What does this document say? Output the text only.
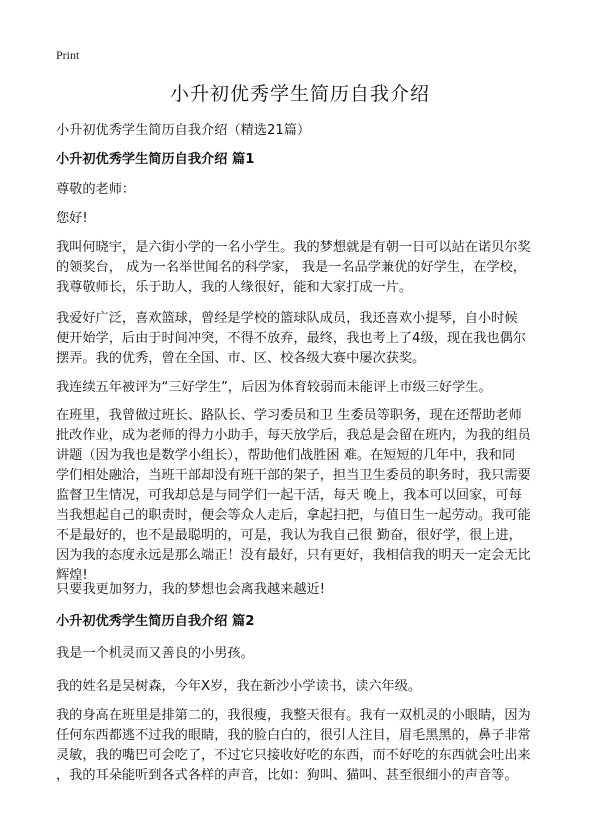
Print
小升初优秀学生简历自我介绍
小升初优秀学生简历自我介绍（精选21篇）
小升初优秀学生简历自我介绍 篇1
尊敬的老师：
您好!
我叫何晓宇，是六街小学的一名小学生。我的梦想就是有朝一日可以站在诺贝尔奖
的领奖台， 成为一名举世闻名的科学家， 我是一名品学兼优的好学生，在学校，
我尊敬师长，乐于助人，我的人缘很好，能和大家打成一片。
我爱好广泛，喜欢篮球，曾经是学校的篮球队成员，我还喜欢小提琴，自小时候
便开始学，后由于时间冲突，不得不放弃，最终，我也考上了4级，现在我也偶尔
摆弄。我的优秀，曾在全国、市、区、校各级大赛中屡次获奖。
我连续五年被评为“三好学生”，后因为体育较弱而未能评上市级三好学生。
在班里，我曾做过班长、路队长、学习委员和卫 生委员等职务，现在还帮助老师
批改作业，成为老师的得力小助手，每天放学后，我总是会留在班内，为我的组员
讲题（因为我也是数学小组长），帮助他们战胜困 难。在短短的几年中，我和同
学们相处融洽，当班干部却没有班干部的架子，担当卫生委员的职务时，我只需要
监督卫生情况，可我却总是与同学们一起干活，每天 晚上，我本可以回家，可每
当我想起自己的职责时，便会等众人走后，拿起扫把，与值日生一起劳动。我可能
不是最好的，也不是最聪明的，可是，我认为我自己很 勤奋，很好学，很上进，
因为我的态度永远是那么端正！没有最好，只有更好，我相信我的明天一定会无比
辉煌!
只要我更加努力，我的梦想也会离我越来越近!
小升初优秀学生简历自我介绍 篇2
我是一个机灵而又善良的小男孩。
我的姓名是吴树森，今年X岁，我在新沙小学读书，读六年级。
我的身高在班里是排第二的，我很瘦，我整天很有。我有一双机灵的小眼睛，因为
任何东西都逃不过我的眼睛，我的脸白白的，很引人注目，眉毛黑黑的，鼻子非常
灵敏，我的嘴巴可会吃了，不过它只接收好吃的东西，而不好吃的东西就会吐出来
，我的耳朵能听到各式各样的声音，比如：狗叫、猫叫、甚至很细小的声音等。
